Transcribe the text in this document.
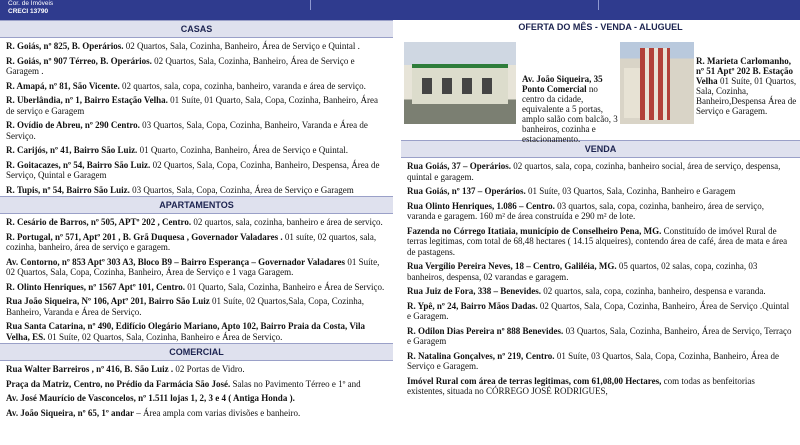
Cor. de Imóveis
CRECI 13790
CASAS
R. Goiás, nº 825, B. Operários. 02 Quartos, Sala, Cozinha, Banheiro, Área de Serviço e Quintal .
R. Goiás, nº 907 Térreo, B. Operários. 02 Quartos, Sala, Cozinha, Banheiro, Área de Serviço e Garagem .
R. Amapá, nº 81, São Vicente. 02 quartos, sala, copa, cozinha, banheiro, varanda e área de serviço.
R. Uberlândia, nº 1, Bairro Estação Velha. 01 Suíte, 01 Quarto, Sala, Copa, Cozinha, Banheiro, Área de serviço e Garagem
R. Ovídio de Abreu, nº 290 Centro. 03 Quartos, Sala, Copa, Cozinha, Banheiro, Varanda e Área de Serviço.
R. Carijós, nº 41, Bairro São Luiz. 01 Quarto, Cozinha, Banheiro, Área de Serviço e Quintal.
R. Goitacazes, nº 54, Bairro São Luiz. 02 Quartos, Sala, Copa, Cozinha, Banheiro, Despensa, Área de Serviço, Quintal e Garagem
R. Tupis, nº 54, Bairro São Luiz. 03 Quartos, Sala, Copa, Cozinha, Área de Serviço e Garagem
APARTAMENTOS
R. Cesário de Barros, nº 505, APTº 202 , Centro. 02 quartos, sala, cozinha, banheiro e área de serviço.
R. Portugal, nº 571, Aptº 201 , B. Grã Duquesa , Governador Valadares . 01 suíte, 02 quartos, sala, cozinha, banheiro, área de serviço e garagem.
Av. Contorno, nº 853 Aptº 303 A3, Bloco B9 – Bairro Esperança – Governador Valadares 01 Suíte, 02 Quartos, Sala, Copa, Cozinha, Banheiro, Área de Serviço e 1 vaga Garagem.
R. Olinto Henriques, nº 1567 Aptº 101, Centro. 01 Quarto, Sala, Cozinha, Banheiro e Área de Serviço.
Rua João Siqueira, Nº 106, Aptº 201, Bairro São Luiz 01 Suíte, 02 Quartos,Sala, Copa, Cozinha, Banheiro, Varanda e Área de Serviço.
Rua Santa Catarina, nº 490, Edifício Olegário Mariano, Apto 102, Bairro Praia da Costa, Vila Velha, ES. 01 Suíte, 02 Quartos, Sala, Cozinha, Banheiro e Área de Serviço.
COMERCIAL
Rua Walter Barreiros , nº 416, B. São Luiz . 02 Portas de Vidro.
Praça da Matriz, Centro, no Prédio da Farmácia São José. Salas no Pavimento Térreo e 1º and
Av. José Maurício de Vasconcelos, nº 1.511 lojas 1, 2, 3 e 4 ( Antiga Honda ).
Av. João Siqueira, nº 65, 1º andar – Área ampla com varias divisões e banheiro.
OFERTA DO MÊS - VENDA - ALUGUEL
Av. João Siqueira, 35 Ponto Comercial no centro da cidade, equivalente a 5 portas, amplo salão com balcão, 3 banheiros, cozinha e estacionamento.
R. Marieta Carlomanho, nº 51 Aptº 202 B. Estação Velha 01 Suíte, 01 Quartos, Sala, Cozinha, Banheiro,Despensa Área de Serviço e Garagem.
VENDA
Rua Goiás, 37 – Operários. 02 quartos, sala, copa, cozinha, banheiro social, área de serviço, despensa, quintal e garagem.
Rua Goiás, nº 137 – Operários. 01 Suíte, 03 Quartos, Sala, Cozinha, Banheiro e Garagem
Rua Olinto Henriques, 1.086 – Centro. 03 quartos, sala, copa, cozinha, banheiro, área de serviço, varanda e garagem. 160 m² de área construída e 290 m² de lote.
Fazenda no Córrego Itatiaia, município de Conselheiro Pena, MG. Constituído de imóvel Rural de terras legitimas, com total de 68,48 hectares ( 14.15 alqueires), contendo área de café, área de mata e área de pastagens.
Rua Vergílio Pereira Neves, 18 – Centro, Galiléia, MG. 05 quartos, 02 salas, copa, cozinha, 03 banheiros, despensa, 02 varandas e garagem.
Rua Juiz de Fora, 338 – Benevides. 02 quartos, sala, copa, cozinha, banheiro, despensa e varanda.
R. Ypê, nº 24, Bairro Mãos Dadas. 02 Quartos, Sala, Copa, Cozinha, Banheiro, Área de Serviço .Quintal e Garagem.
R. Odilon Dias Pereira nº 888 Benevides. 03 Quartos, Sala, Cozinha, Banheiro, Área de Serviço, Terraço e Garagem
R. Natalina Gonçalves, nº 219, Centro. 01 Suíte, 03 Quartos, Sala, Copa, Cozinha, Banheiro, Área de Serviço e Garagem.
Imóvel Rural com área de terras legitimas, com 61,08,00 Hectares, com todas as benfeitorias existentes, situada no CÓRREGO JOSÉ RODRIGUES,
